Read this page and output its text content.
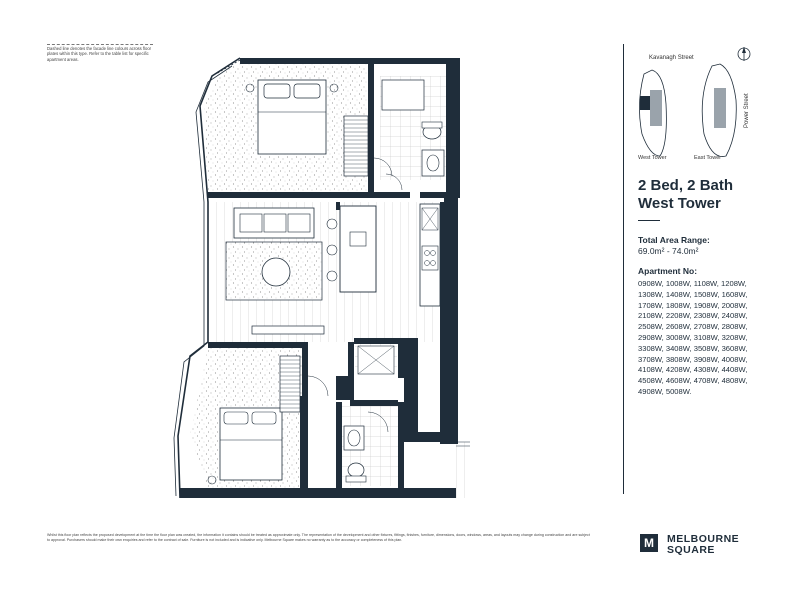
Dashed line denotes the facade line colours across floor plates within this type. Refer to the table list for specific apartment areas.	Kavanagh Street
Power Street
West Tower	East Tower
2 Bed, 2 Bath
West Tower
Total Area Range:
69.0m² - 74.0m²
Apartment No:
0908W, 1008W, 1108W, 1208W, 1308W, 1408W, 1508W, 1608W, 1708W, 1808W, 1908W, 2008W, 2108W, 2208W, 2308W, 2408W, 2508W, 2608W, 2708W, 2808W, 2908W, 3008W, 3108W, 3208W, 3308W, 3408W, 3508W, 3608W, 3708W, 3808W, 3908W, 4008W, 4108W, 4208W, 4308W, 4408W, 4508W, 4608W, 4708W, 4808W, 4908W, 5008W.
Whilst this floor plan reflects the proposed development at the time the floor plan was created, the information it contains should be treated as approximate only. The representation of the development and other fixtures, fittings, finishes, furniture, dimensions, doors, windows, areas, and layouts may change during construction and are subject to approval. Purchasers should make their own enquiries and refer to the contract of sale. Furniture is not included and is indicative only. Melbourne Square makes no warranty as to the accuracy or completeness of this plan.	M	MELBOURNE
SQUARE
